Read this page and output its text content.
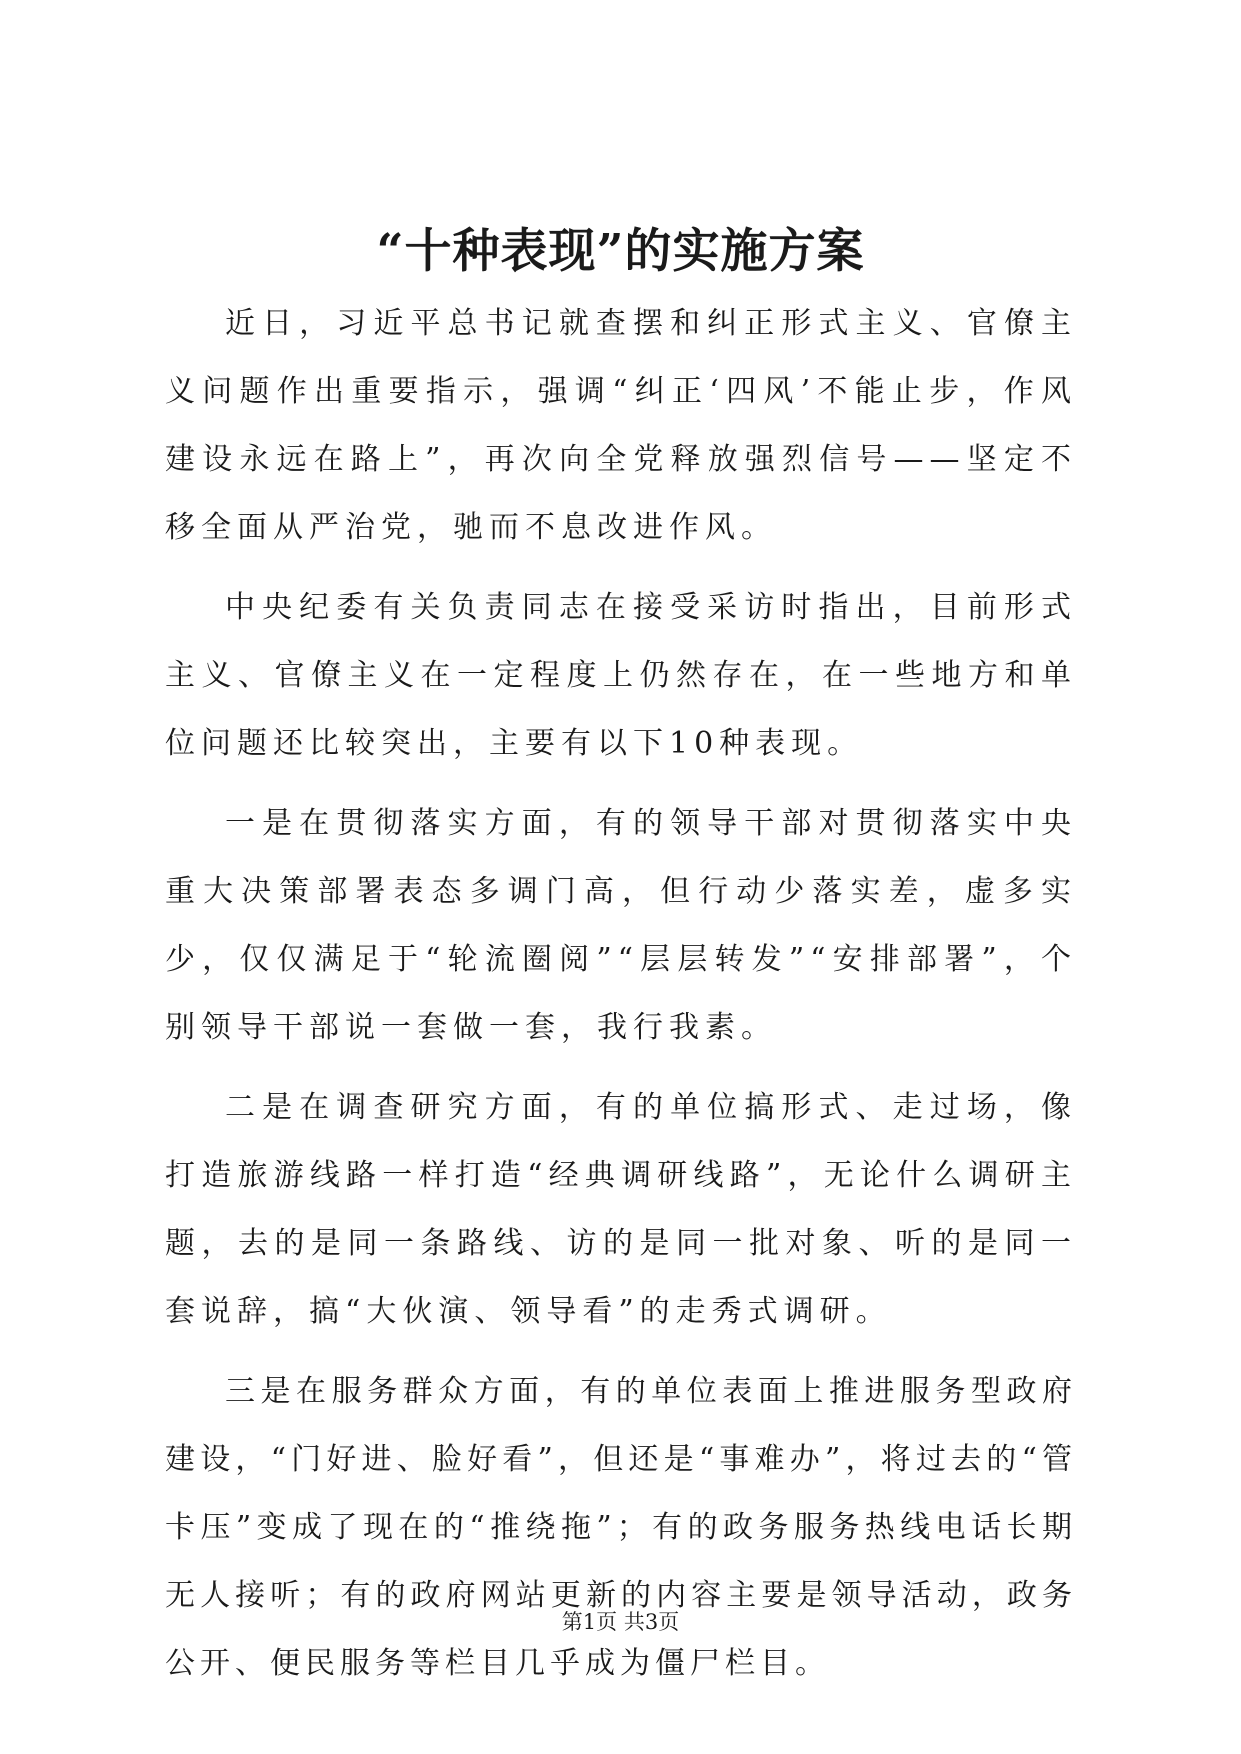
“十种表现”的实施方案

近日，习近平总书记就查摆和纠正形式主义、官僚主义问题作出重要指示，强调“纠正‘四风’不能止步，作风建设永远在路上”，再次向全党释放强烈信号——坚定不移全面从严治党，驰而不息改进作风。

中央纪委有关负责同志在接受采访时指出，目前形式主义、官僚主义在一定程度上仍然存在，在一些地方和单位问题还比较突出，主要有以下10种表现。

一是在贯彻落实方面，有的领导干部对贯彻落实中央重大决策部署表态多调门高，但行动少落实差，虚多实少，仅仅满足于“轮流圈阅”“层层转发”“安排部署”，个别领导干部说一套做一套，我行我素。

二是在调查研究方面，有的单位搞形式、走过场，像打造旅游线路一样打造“经典调研线路”，无论什么调研主题，去的是同一条路线、访的是同一批对象、听的是同一套说辞，搞“大伙演、领导看”的走秀式调研。

三是在服务群众方面，有的单位表面上推进服务型政府建设，“门好进、脸好看”，但还是“事难办”，将过去的“管卡压”变成了现在的“推绕拖”；有的政务服务热线电话长期无人接听；有的政府网站更新的内容主要是领导活动，政务公开、便民服务等栏目几乎成为僵尸栏目。

第1页 共3页
